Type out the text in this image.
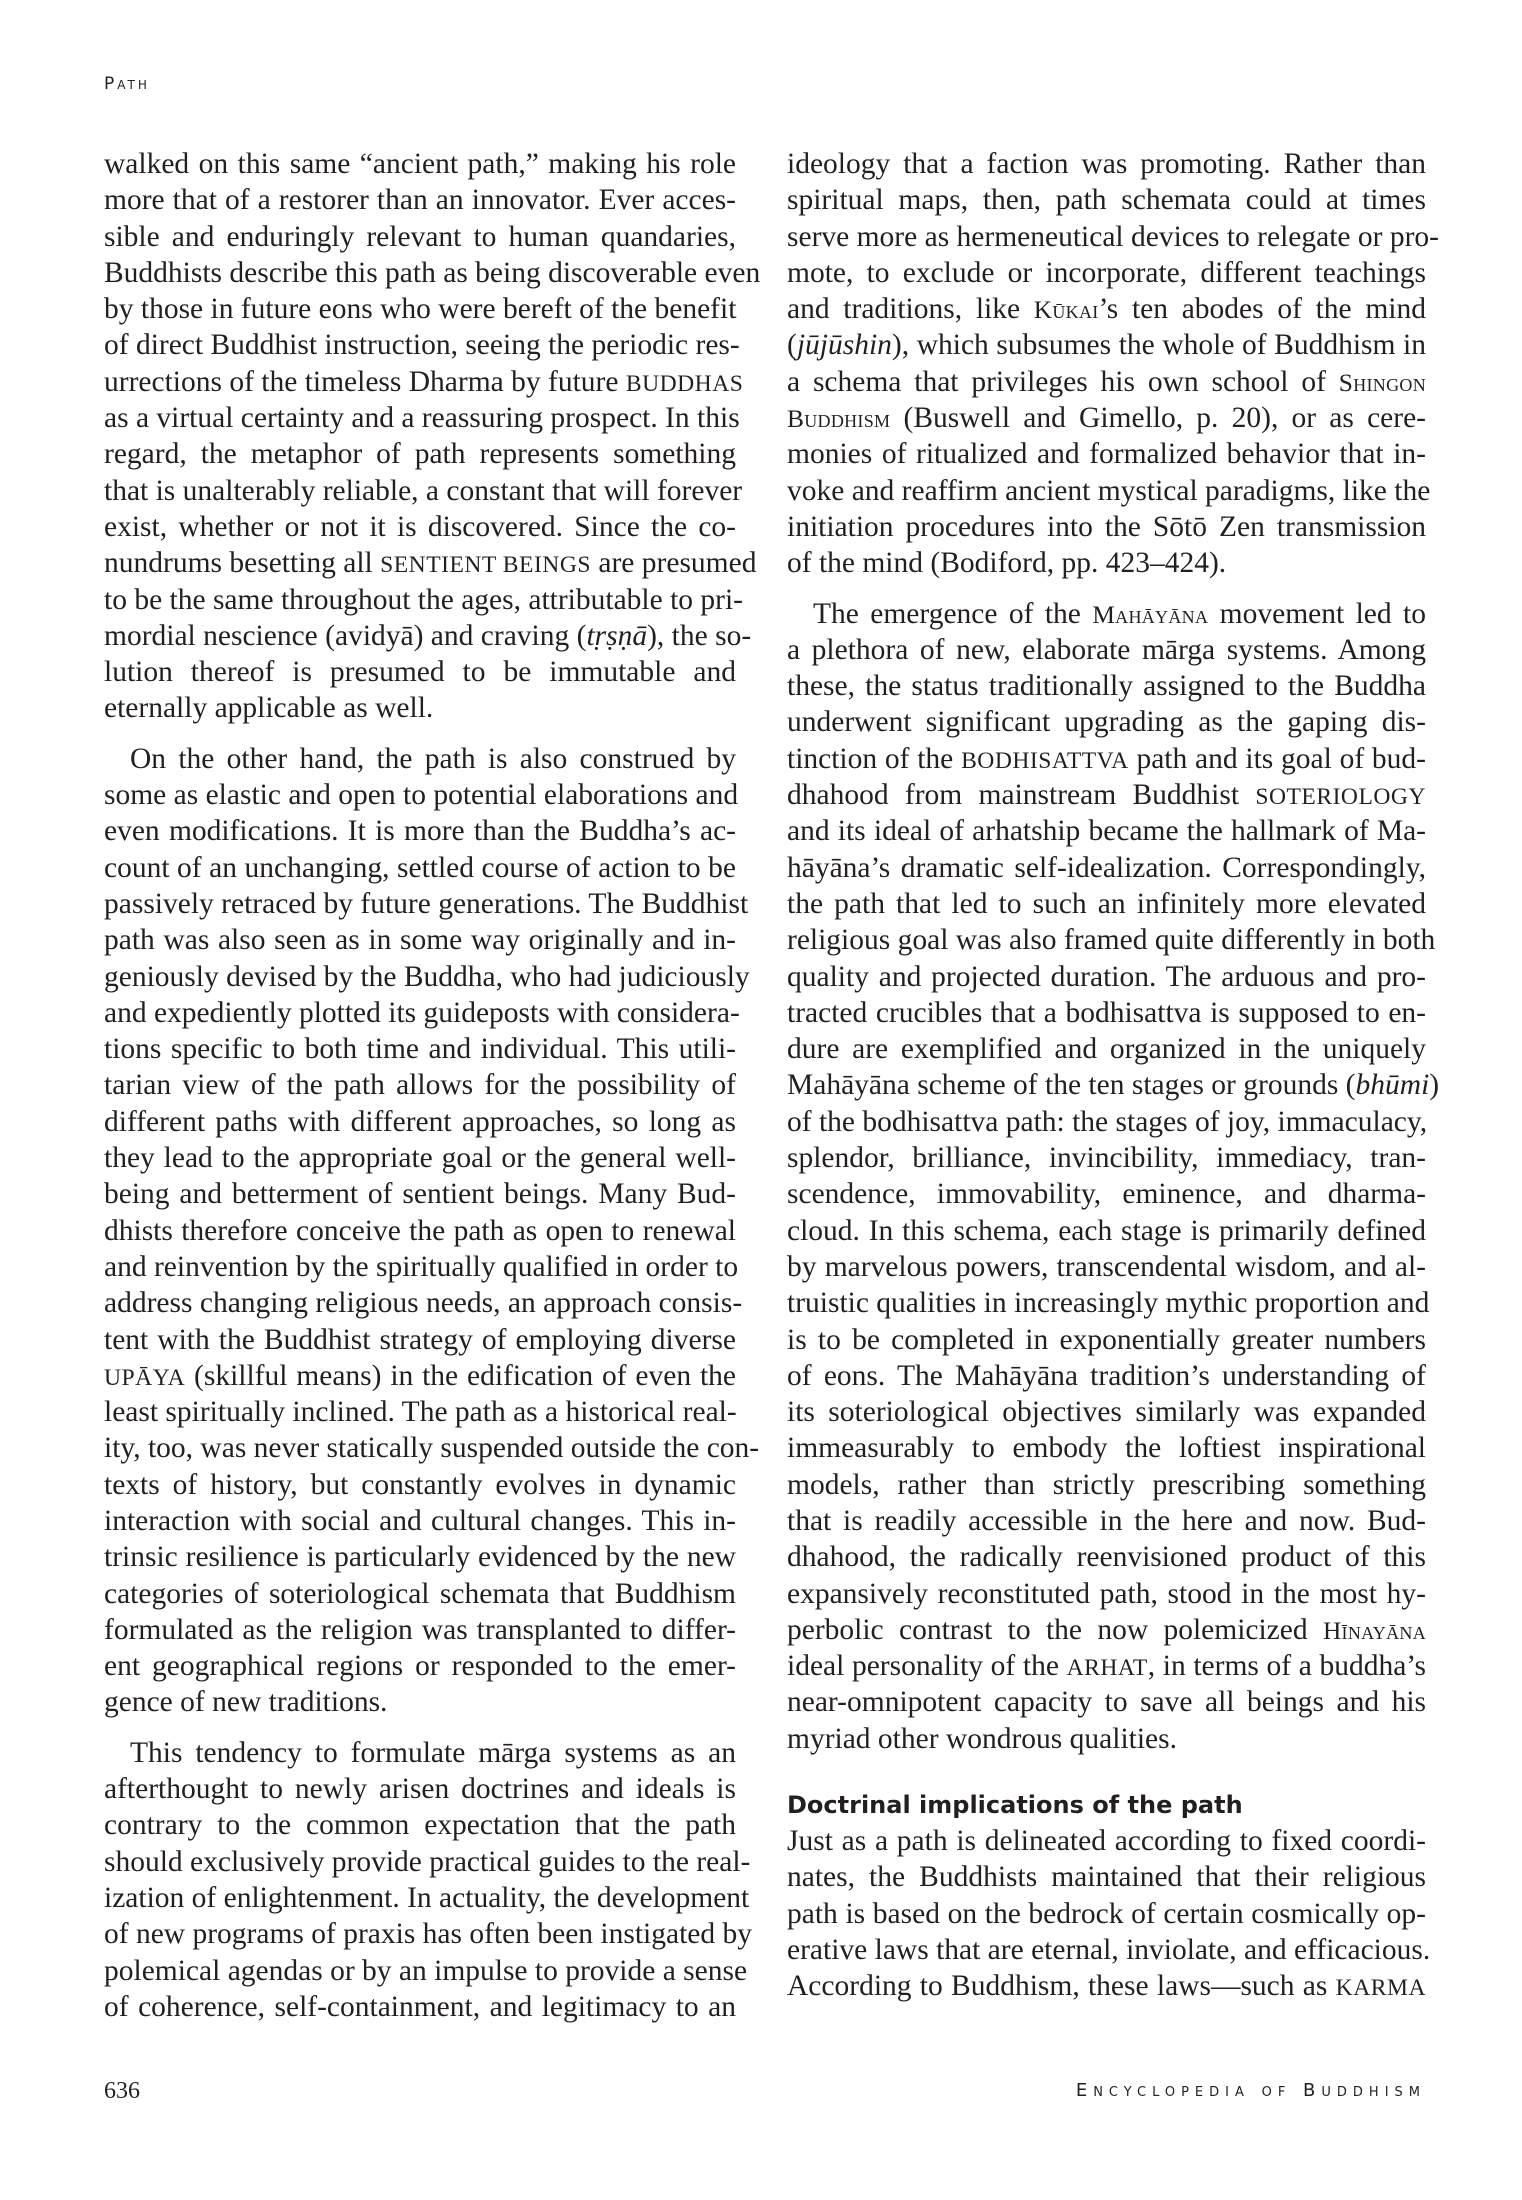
Path
walked on this same “ancient path,” making his role
more that of a restorer than an innovator. Ever acces-
sible and enduringly relevant to human quandaries,
Buddhists describe this path as being discoverable even
by those in future eons who were bereft of the benefit
of direct Buddhist instruction, seeing the periodic res-
urrections of the timeless Dharma by future BUDDHAS
as a virtual certainty and a reassuring prospect. In this
regard, the metaphor of path represents something
that is unalterably reliable, a constant that will forever
exist, whether or not it is discovered. Since the co-
nundrums besetting all SENTIENT BEINGS are presumed
to be the same throughout the ages, attributable to pri-
mordial nescience (avidyā) and craving (tṛṣṇā), the so-
lution thereof is presumed to be immutable and
eternally applicable as well.
On the other hand, the path is also construed by
some as elastic and open to potential elaborations and
even modifications. It is more than the Buddha’s ac-
count of an unchanging, settled course of action to be
passively retraced by future generations. The Buddhist
path was also seen as in some way originally and in-
geniously devised by the Buddha, who had judiciously
and expediently plotted its guideposts with considera-
tions specific to both time and individual. This utili-
tarian view of the path allows for the possibility of
different paths with different approaches, so long as
they lead to the appropriate goal or the general well-
being and betterment of sentient beings. Many Bud-
dhists therefore conceive the path as open to renewal
and reinvention by the spiritually qualified in order to
address changing religious needs, an approach consis-
tent with the Buddhist strategy of employing diverse
UPĀYA (skillful means) in the edification of even the
least spiritually inclined. The path as a historical real-
ity, too, was never statically suspended outside the con-
texts of history, but constantly evolves in dynamic
interaction with social and cultural changes. This in-
trinsic resilience is particularly evidenced by the new
categories of soteriological schemata that Buddhism
formulated as the religion was transplanted to differ-
ent geographical regions or responded to the emer-
gence of new traditions.
This tendency to formulate mārga systems as an
afterthought to newly arisen doctrines and ideals is
contrary to the common expectation that the path
should exclusively provide practical guides to the real-
ization of enlightenment. In actuality, the development
of new programs of praxis has often been instigated by
polemical agendas or by an impulse to provide a sense
of coherence, self-containment, and legitimacy to an
ideology that a faction was promoting. Rather than
spiritual maps, then, path schemata could at times
serve more as hermeneutical devices to relegate or pro-
mote, to exclude or incorporate, different teachings
and traditions, like Kūkai’s ten abodes of the mind
(jūjūshin), which subsumes the whole of Buddhism in
a schema that privileges his own school of Shingon
Buddhism (Buswell and Gimello, p. 20), or as cere-
monies of ritualized and formalized behavior that in-
voke and reaffirm ancient mystical paradigms, like the
initiation procedures into the Sōtō Zen transmission
of the mind (Bodiford, pp. 423–424).
The emergence of the Mahāyāna movement led to
a plethora of new, elaborate mārga systems. Among
these, the status traditionally assigned to the Buddha
underwent significant upgrading as the gaping dis-
tinction of the BODHISATTVA path and its goal of bud-
dhahood from mainstream Buddhist SOTERIOLOGY
and its ideal of arhatship became the hallmark of Ma-
hāyāna’s dramatic self-idealization. Correspondingly,
the path that led to such an infinitely more elevated
religious goal was also framed quite differently in both
quality and projected duration. The arduous and pro-
tracted crucibles that a bodhisattva is supposed to en-
dure are exemplified and organized in the uniquely
Mahāyāna scheme of the ten stages or grounds (bhūmi)
of the bodhisattva path: the stages of joy, immaculacy,
splendor, brilliance, invincibility, immediacy, tran-
scendence, immovability, eminence, and dharma-
cloud. In this schema, each stage is primarily defined
by marvelous powers, transcendental wisdom, and al-
truistic qualities in increasingly mythic proportion and
is to be completed in exponentially greater numbers
of eons. The Mahāyāna tradition’s understanding of
its soteriological objectives similarly was expanded
immeasurably to embody the loftiest inspirational
models, rather than strictly prescribing something
that is readily accessible in the here and now. Bud-
dhahood, the radically reenvisioned product of this
expansively reconstituted path, stood in the most hy-
perbolic contrast to the now polemicized Hīnayāna
ideal personality of the ARHAT, in terms of a buddha’s
near-omnipotent capacity to save all beings and his
myriad other wondrous qualities.
Doctrinal implications of the path
Just as a path is delineated according to fixed coordi-
nates, the Buddhists maintained that their religious
path is based on the bedrock of certain cosmically op-
erative laws that are eternal, inviolate, and efficacious.
According to Buddhism, these laws—such as KARMA
636	Encyclopedia of Buddhism
